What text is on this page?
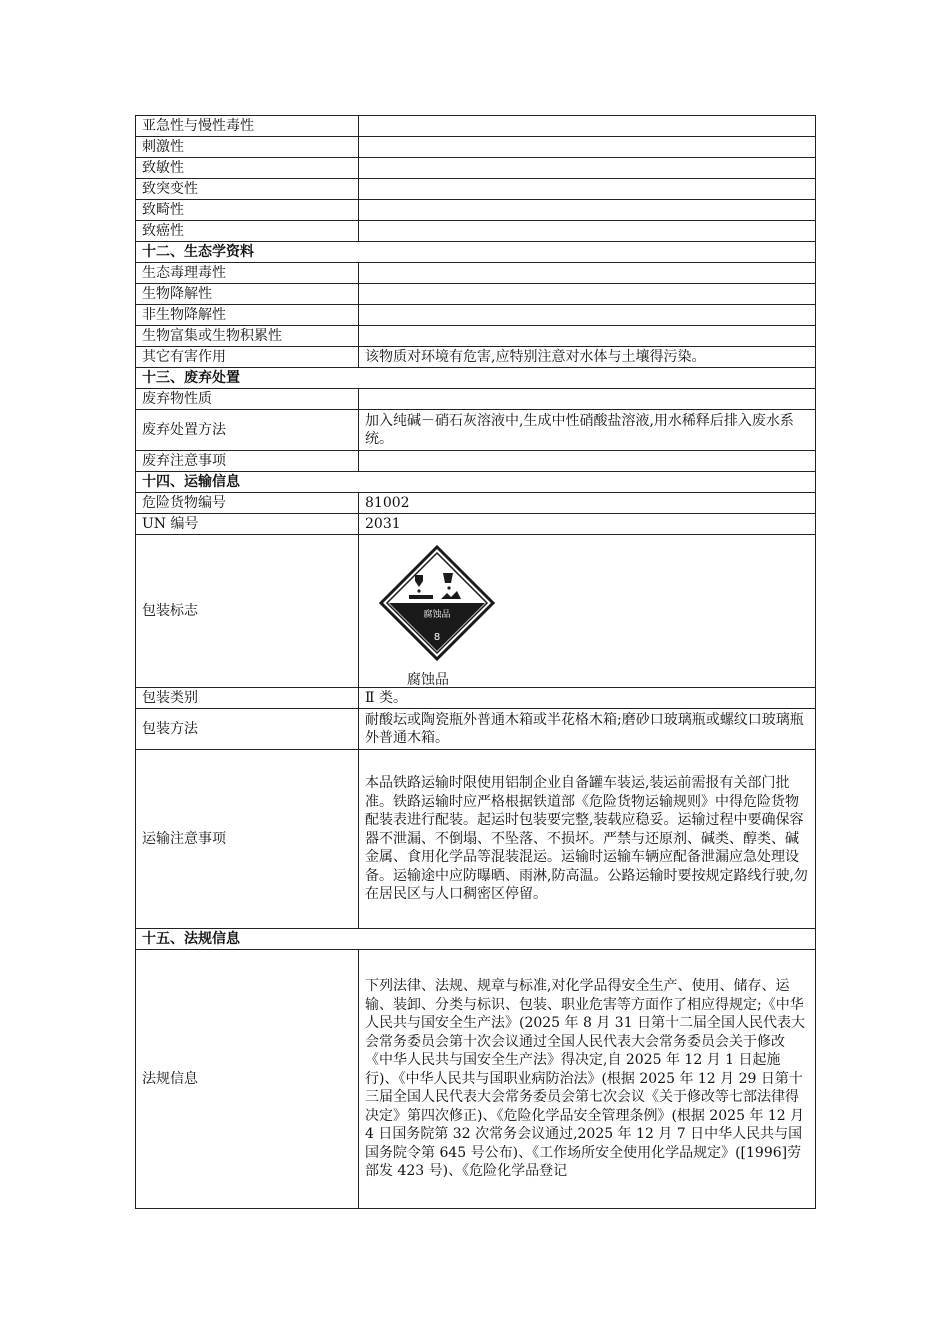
亚急性与慢性毒性	
刺激性	
致敏性	
致突变性	
致畸性	
致癌性	
十二、生态学资料	
生态毒理毒性	
生物降解性	
非生物降解性	
生物富集或生物积累性	
其它有害作用	该物质对环境有危害,应特别注意对水体与土壤得污染。
十三、废弃处置	
废弃物性质	
废弃处置方法	加入纯碱－硝石灰溶液中,生成中性硝酸盐溶液,用水稀释后排入废水系统。
废弃注意事项	
十四、运输信息	
危险货物编号	81002
UN 编号	2031
包装标志	腐蚀品
8
腐蚀品

包装类别	Ⅱ 类。
包装方法	耐酸坛或陶瓷瓶外普通木箱或半花格木箱;磨砂口玻璃瓶或螺纹口玻璃瓶外普通木箱。
运输注意事项	本品铁路运输时限使用铝制企业自备罐车装运,装运前需报有关部门批准。铁路运输时应严格根据铁道部《危险货物运输规则》中得危险货物配装表进行配装。起运时包装要完整,装载应稳妥。运输过程中要确保容器不泄漏、不倒塌、不坠落、不损坏。严禁与还原剂、碱类、醇类、碱金属、食用化学品等混装混运。运输时运输车辆应配备泄漏应急处理设备。运输途中应防曝晒、雨淋,防高温。公路运输时要按规定路线行驶,勿在居民区与人口稠密区停留。
十五、法规信息	
法规信息	下列法律、法规、规章与标准,对化学品得安全生产、使用、储存、运输、装卸、分类与标识、包装、职业危害等方面作了相应得规定;《中华人民共与国安全生产法》(2025 年 8 月 31 日第十二届全国人民代表大会常务委员会第十次会议通过全国人民代表大会常务委员会关于修改《中华人民共与国安全生产法》得决定,自 2025 年 12 月 1 日起施行)、《中华人民共与国职业病防治法》(根据 2025 年 12 月 29 日第十三届全国人民代表大会常务委员会第七次会议《关于修改等七部法律得决定》第四次修正)、《危险化学品安全管理条例》(根据 2025 年 12 月 4 日国务院第 32 次常务会议通过,2025 年 12 月 7 日中华人民共与国国务院令第 645 号公布)、《工作场所安全使用化学品规定》([1996]劳部发 423 号)、《危险化学品登记
